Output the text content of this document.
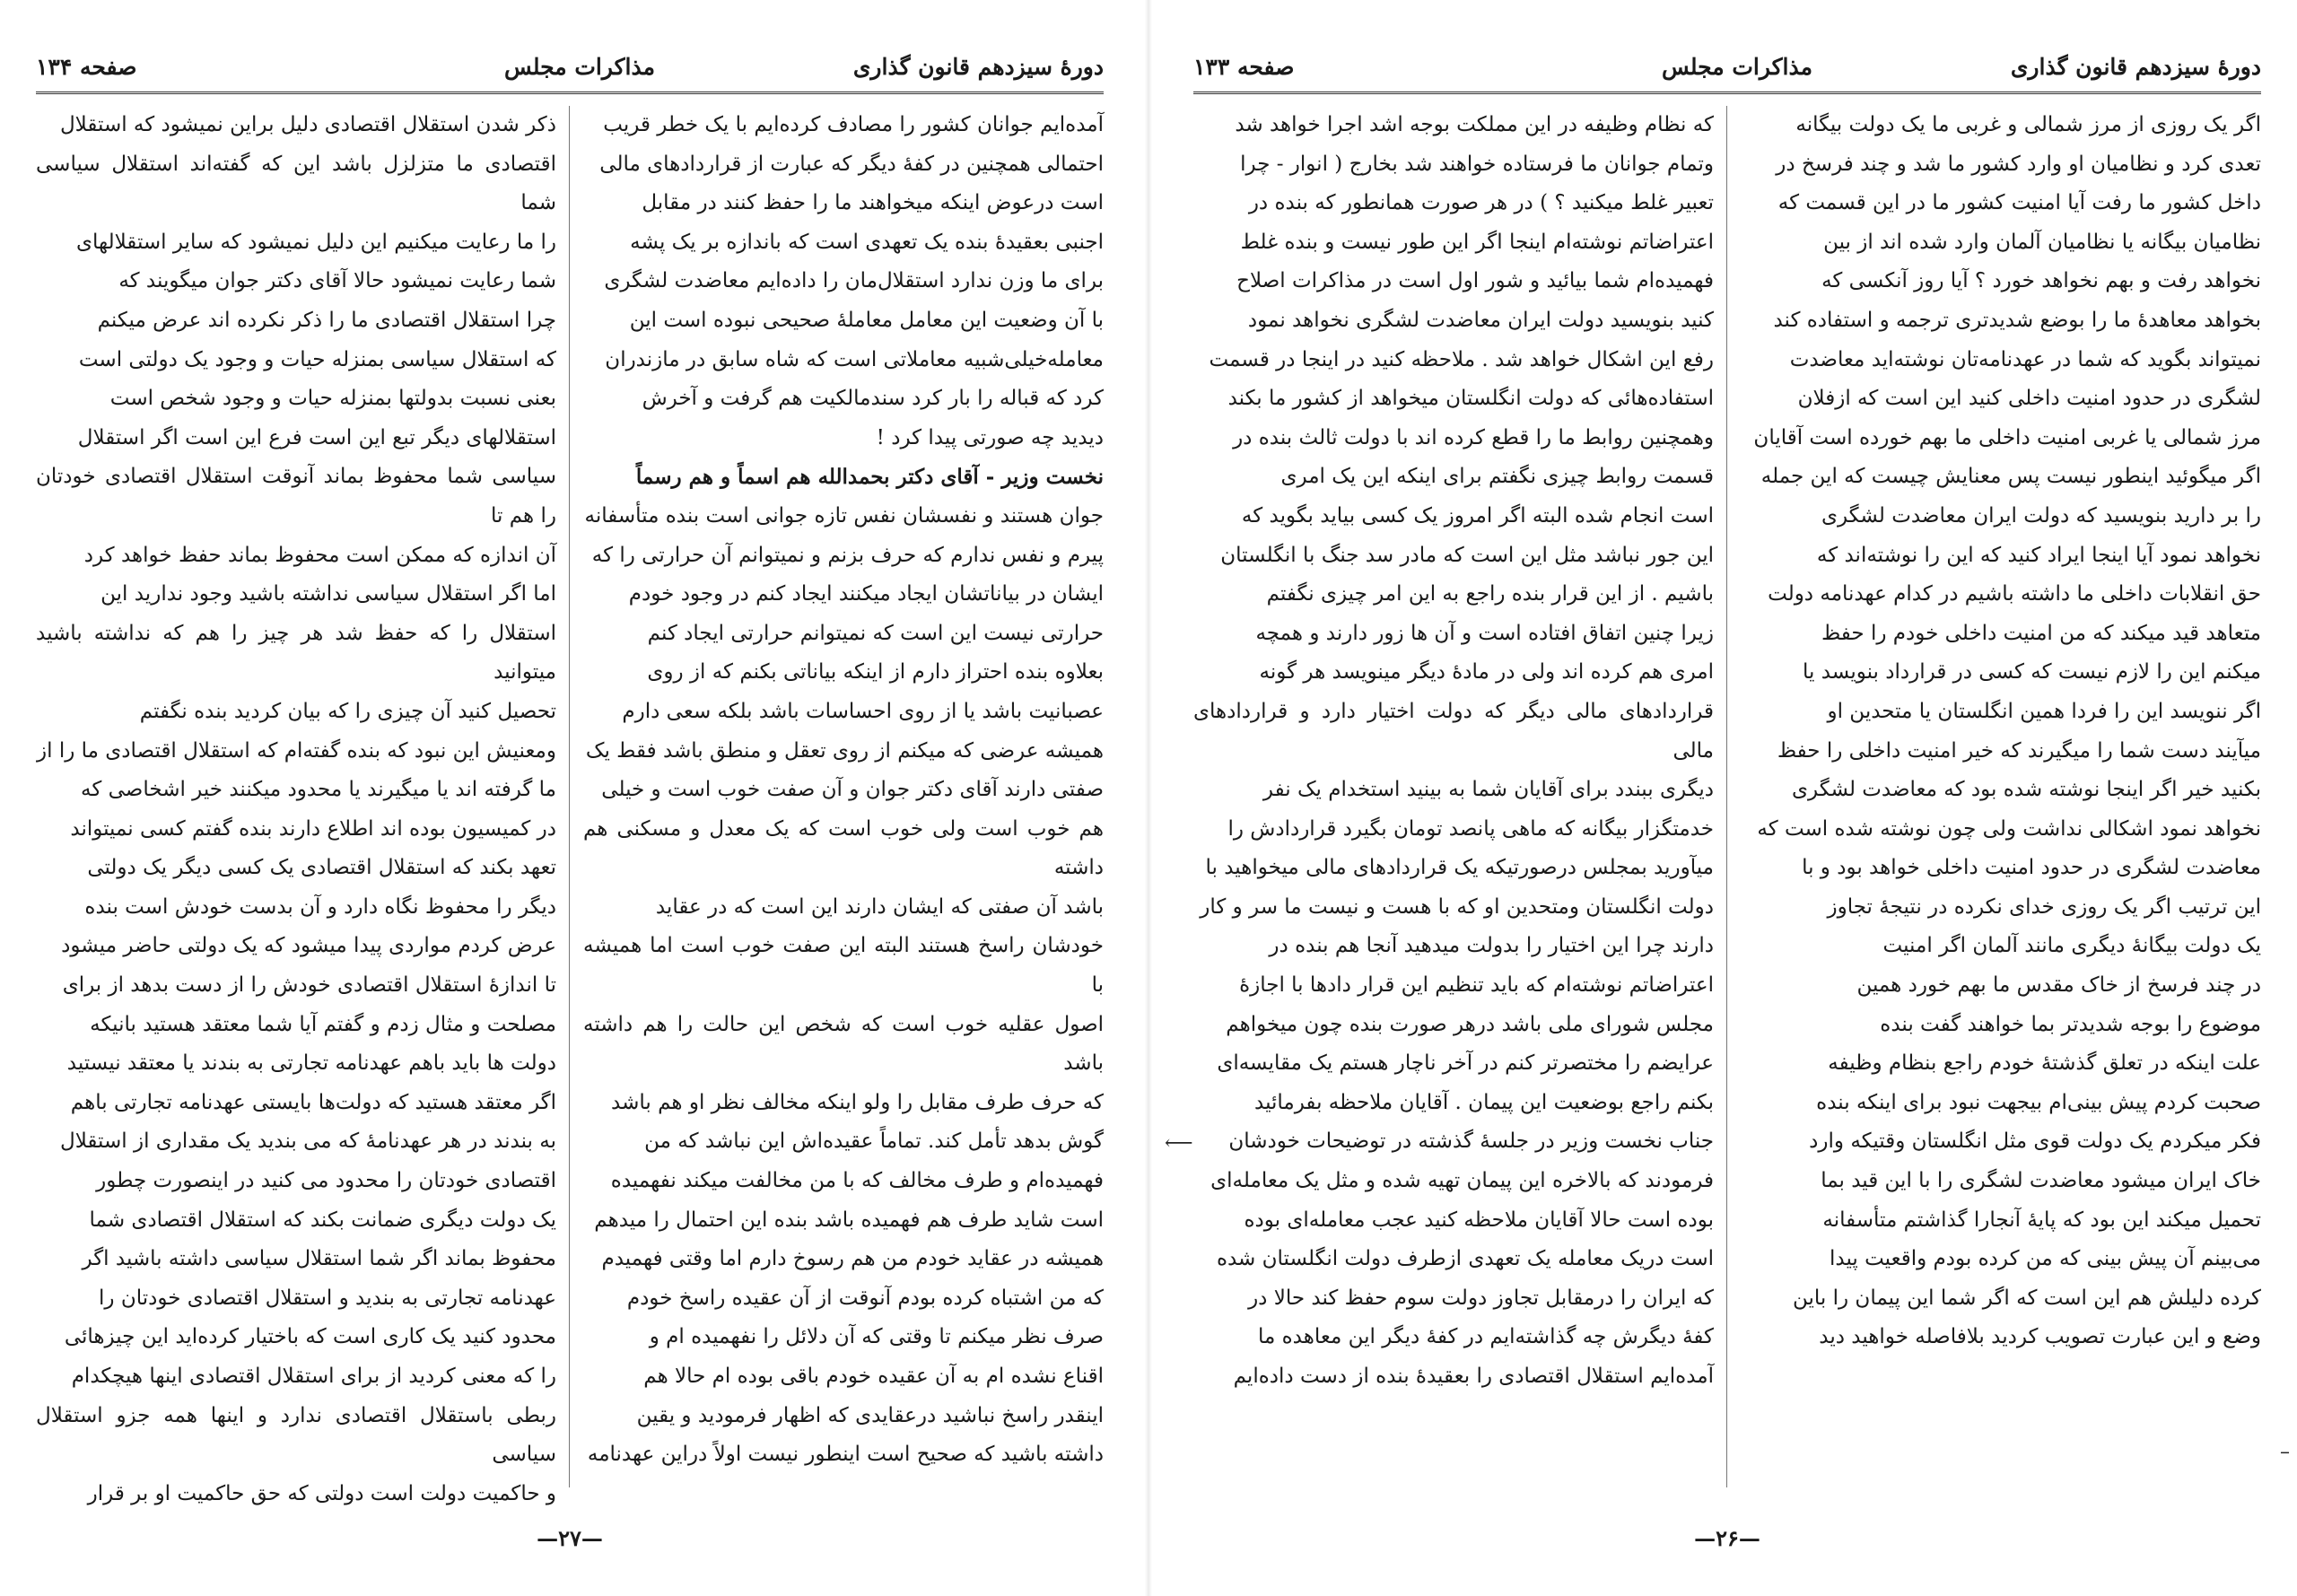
دورهٔ سیزدهم قانون گذاری
مذاکرات مجلس
صفحه ۱۳۴

آمده‌ایم جوانان کشور را مصادف کرده‌ایم با یک خطر قریب

احتمالی همچنین در کفهٔ دیگر که عبارت از قراردادهای مالی

است درعوض اینکه میخواهند ما را حفظ کنند در مقابل

اجنبی بعقیدهٔ بنده یک تعهدی است که باندازه بر یک پشه

برای ما وزن ندارد استقلال‌مان را داده‌ایم معاضدت لشگری

با آن وضعیت این معامل معاملهٔ صحیحی نبوده است این

معامله‌خیلی‌شبیه معاملاتی است که شاه سابق در مازندران

کرد که قباله را بار کرد سندمالکیت هم گرفت و آخرش

دیدید چه صورتی پیدا کرد !

نخست وزیر - آقای دکتر بحمدالله هم اسماً و هم رسماً

جوان هستند و نفسشان نفس تازه جوانی است بنده متأسفانه

پیرم و نفس ندارم که حرف بزنم و نمیتوانم آن حرارتی را که

ایشان در بیاناتشان ایجاد میکنند ایجاد کنم در وجود خودم

حرارتی نیست این است که نمیتوانم حرارتی ایجاد کنم

بعلاوه بنده احتراز دارم از اینکه بیاناتی بکنم که از روی

عصبانیت باشد یا از روی احساسات باشد بلکه سعی دارم

همیشه عرضی که میکنم از روی تعقل و منطق باشد فقط یک

صفتی دارند آقای دکتر جوان و آن صفت خوب است و خیلی

هم خوب است ولی خوب است که یک معدل و مسکنی هم داشته

باشد آن صفتی که ایشان دارند این است که در عقاید

خودشان راسخ هستند البته این صفت خوب است اما همیشه با

اصول عقلیه خوب است که شخص این حالت را هم داشته باشد

که حرف طرف مقابل را ولو اینکه مخالف نظر او هم باشد

گوش بدهد تأمل کند. تماماً عقیده‌اش این نباشد که من

فهمیده‌ام و طرف مخالف که با من مخالفت میکند نفهمیده

است شاید طرف هم فهمیده باشد بنده این احتمال را میدهم

همیشه در عقاید خودم من هم رسوخ دارم اما وقتی فهمیدم

که من اشتباه کرده بودم آنوقت از آن عقیده راسخ خودم

صرف نظر میکنم تا وقتی که آن دلائل را نفهمیده ام و

اقناع نشده ام به آن عقیده خودم باقی بوده ام حالا هم

اینقدر راسخ نباشید درعقایدی که اظهار فرمودید و یقین

داشته باشید که صحیح است اینطور نیست اولاً دراین عهدنامه

ذکر شدن استقلال اقتصادی دلیل براین نمیشود که استقلال

اقتصادی ما متزلزل باشد این که گفته‌اند استقلال سیاسی شما

را ما رعایت میکنیم این دلیل نمیشود که سایر استقلالهای

شما رعایت نمیشود حالا آقای دکتر جوان میگویند که

چرا استقلال اقتصادی ما را ذکر نکرده اند عرض میکنم

که استقلال سیاسی بمنزله حیات و وجود یک دولتی است

بعنی نسبت بدولتها بمنزله حیات و وجود شخص است

استقلالهای دیگر تبع این است فرع این است اگر استقلال

سیاسی شما محفوظ بماند آنوقت استقلال اقتصادی خودتان را هم تا

آن اندازه که ممکن است محفوظ بماند حفظ خواهد کرد

اما اگر استقلال سیاسی نداشته باشید وجود ندارید این

استقلال را که حفظ شد هر چیز را هم که نداشته باشید میتوانید

تحصیل کنید آن چیزی را که بیان کردید بنده نگفتم

ومعنیش این نبود که بنده گفته‌ام که استقلال اقتصادی ما را از

ما گرفته اند یا میگیرند یا محدود میکنند خیر اشخاصی که

در کمیسیون بوده اند اطلاع دارند بنده گفتم کسی نمیتواند

تعهد بکند که استقلال اقتصادی یک کسی دیگر یک دولتی

دیگر را محفوظ نگاه دارد و آن بدست خودش است بنده

عرض کردم مواردی پیدا میشود که یک دولتی حاضر میشود

تا اندازهٔ استقلال اقتصادی خودش را از دست بدهد از برای

مصلحت و مثال زدم و گفتم آیا شما معتقد هستید بانیکه

دولت ها باید باهم عهدنامه تجارتی به بندند یا معتقد نیستید

اگر معتقد هستید که دولت‌ها بایستی عهدنامه تجارتی باهم

به بندند در هر عهدنامهٔ که می بندید یک مقداری از استقلال

اقتصادی خودتان را محدود می کنید در اینصورت چطور

یک دولت دیگری ضمانت بکند که استقلال اقتصادی شما

محفوظ بماند اگر شما استقلال سیاسی داشته باشید اگر

عهدنامه تجارتی به بندید و استقلال اقتصادی خودتان را

محدود کنید یک کاری است که باختیار کرده‌اید این چیزهائی

را که معنی کردید از برای استقلال اقتصادی اینها هیچکدام

ربطی باستقلال اقتصادی ندارد و اینها همه جزو استقلال سیاسی

و حاکمیت دولت است دولتی که حق حاکمیت او بر قرار

—۲۷—
دورهٔ سیزدهم قانون گذاری
مذاکرات مجلس
صفحه ۱۳۳

اگر یک روزی از مرز شمالی و غربی ما یک دولت بیگانه

تعدی کرد و نظامیان او وارد کشور ما شد و چند فرسخ در

داخل کشور ما رفت آیا امنیت کشور ما در این قسمت که

نظامیان بیگانه یا نظامیان آلمان وارد شده اند از بین

نخواهد رفت و بهم نخواهد خورد ؟ آیا روز آنکسی که

بخواهد معاهدهٔ ما را بوضع شدیدتری ترجمه و استفاده کند

نمیتواند بگوید که شما در عهدنامه‌تان نوشته‌اید معاضدت

لشگری در حدود امنیت داخلی کنید این است که ازفلان

مرز شمالی یا غربی امنیت داخلی ما بهم خورده است آقایان

اگر میگوئید اینطور نیست پس معنایش چیست که این جمله

را بر دارید بنویسید که دولت ایران معاضدت لشگری

نخواهد نمود آیا اینجا ایراد کنید که این را نوشته‌اند که

حق انقلابات داخلی ما داشته باشیم در کدام عهدنامه دولت

متعاهد قید میکند که من امنیت داخلی خودم را حفظ

میکنم این را لازم نیست که کسی در قرارداد بنویسد یا

اگر ننویسد این را فردا همین انگلستان یا متحدین او

میآیند دست شما را میگیرند که خیر امنیت داخلی را حفظ

بکنید خیر اگر اینجا نوشته شده بود که معاضدت لشگری

نخواهد نمود اشکالی نداشت ولی چون نوشته شده است که

معاضدت لشگری در حدود امنیت داخلی خواهد بود و با

این ترتیب اگر یک روزی خدای نکرده در نتیجهٔ تجاوز

یک دولت بیگانهٔ دیگری مانند آلمان اگر امنیت

در چند فرسخ از خاک مقدس ما بهم خورد همین

موضوع را بوجه شدیدتر بما خواهند گفت بنده

علت اینکه در تعلق گذشتهٔ خودم راجع بنظام وظیفه

صحبت کردم پیش بینی‌ام بیجهت نبود برای اینکه بنده

فکر میکردم یک دولت قوی مثل انگلستان وقتیکه وارد

خاک ایران میشود معاضدت لشگری را با این قید بما

تحمیل میکند این بود که پایهٔ آنجارا گذاشتم متأسفانه

می‌بینم آن پیش بینی که من کرده بودم واقعیت پیدا

کرده دلیلش هم این است که اگر شما این پیمان را باین

وضع و این عبارت تصویب کردید بلافاصله خواهید دید

که نظام وظیفه در این مملکت بوجه اشد اجرا خواهد شد

وتمام جوانان ما فرستاده خواهند شد بخارج ( انوار - چرا

تعبیر غلط میکنید ؟ ) در هر صورت همانطور که بنده در

اعتراضاتم نوشته‌ام اینجا اگر این طور نیست و بنده غلط

فهمیده‌ام شما بیائید و شور اول است در مذاکرات اصلاح

کنید بنویسید دولت ایران معاضدت لشگری نخواهد نمود

رفع این اشکال خواهد شد . ملاحظه کنید در اینجا در قسمت

استفاده‌هائی که دولت انگلستان میخواهد از کشور ما بکند

وهمچنین روابط ما را قطع کرده اند با دولت ثالث بنده در

قسمت روابط چیزی نگفتم برای اینکه این یک امری

است انجام شده البته اگر امروز یک کسی بیاید بگوید که

این جور نباشد مثل این است که مادر سد جنگ با انگلستان

باشیم . از این قرار بنده راجع به این امر چیزی نگفتم

زیرا چنین اتفاق افتاده است و آن ها زور دارند و همچه

امری هم کرده اند ولی در مادهٔ دیگر مینویسد هر گونه

قراردادهای مالی دیگر که دولت اختیار دارد و قراردادهای مالی

دیگری ببندد برای آقایان شما به بینید استخدام یک نفر

خدمتگزار بیگانه که ماهی پانصد تومان بگیرد قراردادش را

میآورید بمجلس درصورتیکه یک قراردادهای مالی میخواهید با

دولت انگلستان ومتحدین او که با هست و نیست ما سر و کار

دارند چرا این اختیار را بدولت میدهید آنجا هم بنده در

اعتراضاتم نوشته‌ام که باید تنظیم این قرار دادها با اجازهٔ

مجلس شورای ملی باشد درهر صورت بنده چون میخواهم

عرایضم را مختصرتر کنم در آخر ناچار هستم یک مقایسه‌ای

بکنم راجع بوضعیت این پیمان . آقایان ملاحظه بفرمائید

جناب نخست وزیر در جلسهٔ گذشته در توضیحات خودشان

فرمودند که بالاخره این پیمان تهیه شده و مثل یک معامله‌ای

بوده است حالا آقایان ملاحظه کنید عجب معامله‌ای بوده

است دریک معامله یک تعهدی ازطرف دولت انگلستان شده

که ایران را درمقابل تجاوز دولت سوم حفظ کند حالا در

کفهٔ دیگرش چه گذاشته‌ایم در کفهٔ دیگر این معاهده ما

آمده‌ایم استقلال اقتصادی را بعقیدهٔ بنده از دست داده‌ایم

⟵
–
—۲۶—
